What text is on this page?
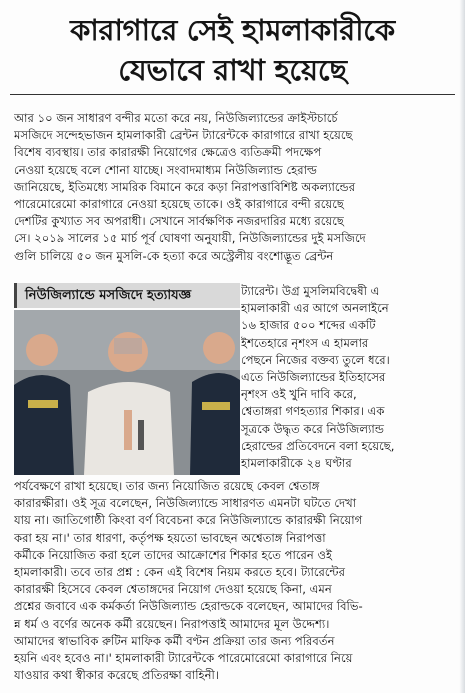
কারাগারে সেই হামলাকারীকে
যেভাবে রাখা হয়েছে
আর ১০ জন সাধারণ বন্দীর মতো করে নয়, নিউজিল্যান্ডের ক্রাইস্টচার্চে
মসজিদে সন্দেহভাজন হামলাকারী ব্রেন্টন ট্যারেন্টকে কারাগারে রাখা হয়েছে
বিশেষ ব্যবস্থায়। তার কারারক্ষী নিয়োগের ক্ষেত্রেও ব্যতিক্রমী পদক্ষেপ
নেওয়া হয়েছে বলে শোনা যাচ্ছে। সংবাদমাধ্যম নিউজিল্যান্ড হেরাল্ড
জানিয়েছে, ইতিমধ্যে সামরিক বিমানে করে কড়া নিরাপত্তাবিশিষ্ট অকল্যান্ডের
পারেমোরেমো কারাগারে নেওয়া হয়েছে তাকে। ওই কারাগারে বন্দী রয়েছে
দেশটির কুখ্যাত সব অপরাধী। সেখানে সার্বক্ষণিক নজরদারির মধ্যে রয়েছে
সে। ২০১৯ সালের ১৫ মার্চ পূর্ব ঘোষণা অনুযায়ী, নিউজিল্যান্ডের দুই মসজিদে
গুলি চালিয়ে ৫০ জন মুসলি-কে হত্যা করে অস্ট্রেলীয় বংশোদ্ভূত ব্রেন্টন
নিউজিল্যান্ডে মসজিদে হত্যাযজ্ঞ	ট্যারেন্ট। উগ্র মুসলিমবিদ্বেষী এ
হামলাকারী এর আগে অনলাইনে
১৬ হাজার ৫০০ শব্দের একটি
ইশতেহারে নৃশংস এ হামলার
পেছনে নিজের বক্তব্য তুলে ধরে।
এতে নিউজিল্যান্ডের ইতিহাসের
নৃশংস ওই খুনি দাবি করে,
শ্বেতাঙ্গরা গণহত্যার শিকার। এক
সূত্রকে উদ্ধৃত করে নিউজিল্যান্ড
হেরাল্ডের প্রতিবেদনে বলা হয়েছে,
হামলাকারীকে ২৪ ঘণ্টার
পর্যবেক্ষণে রাখা হয়েছে। তার জন্য নিয়োজিত রয়েছে কেবল শ্বেতাঙ্গ
কারারক্ষীরা। ওই সূত্র বলেছেন, নিউজিল্যান্ডে সাধারণত এমনটা ঘটতে দেখা
যায় না। জাতিগোষ্ঠী কিংবা বর্ণ বিবেচনা করে নিউজিল্যান্ডে কারারক্ষী নিয়োগ
করা হয় না।' তার ধারণা, কর্তৃপক্ষ হয়তো ভাবছেন অশ্বেতাঙ্গ নিরাপত্তা
কর্মীকে নিয়োজিত করা হলে তাদের আক্রোশের শিকার হতে পারেন ওই
হামলাকারী। তবে তার প্রশ্ন : কেন এই বিশেষ নিয়ম করতে হবে। ট্যারেন্টের
কারারক্ষী হিসেবে কেবল শ্বেতাঙ্গদের নিয়োগ দেওয়া হয়েছে কিনা, এমন
প্রশ্নের জবাবে এক কর্মকর্তা নিউজিল্যান্ড হেরাল্ডকে বলেছেন, আমাদের বিভি-
ন্ন ধর্ম ও বর্ণের অনেক কর্মী রয়েছেন। নিরাপত্তাই আমাদের মূল উদ্দেশ্য।
আমাদের স্বাভাবিক রুটিন মাফিক কর্মী বণ্টন প্রক্রিয়া তার জন্য পরিবর্তন
হয়নি এবং হবেও না।' হামলাকারী ট্যারেন্টকে পারেমোরেমো কারাগারে নিয়ে
যাওয়ার কথা স্বীকার করেছে প্রতিরক্ষা বাহিনী।
